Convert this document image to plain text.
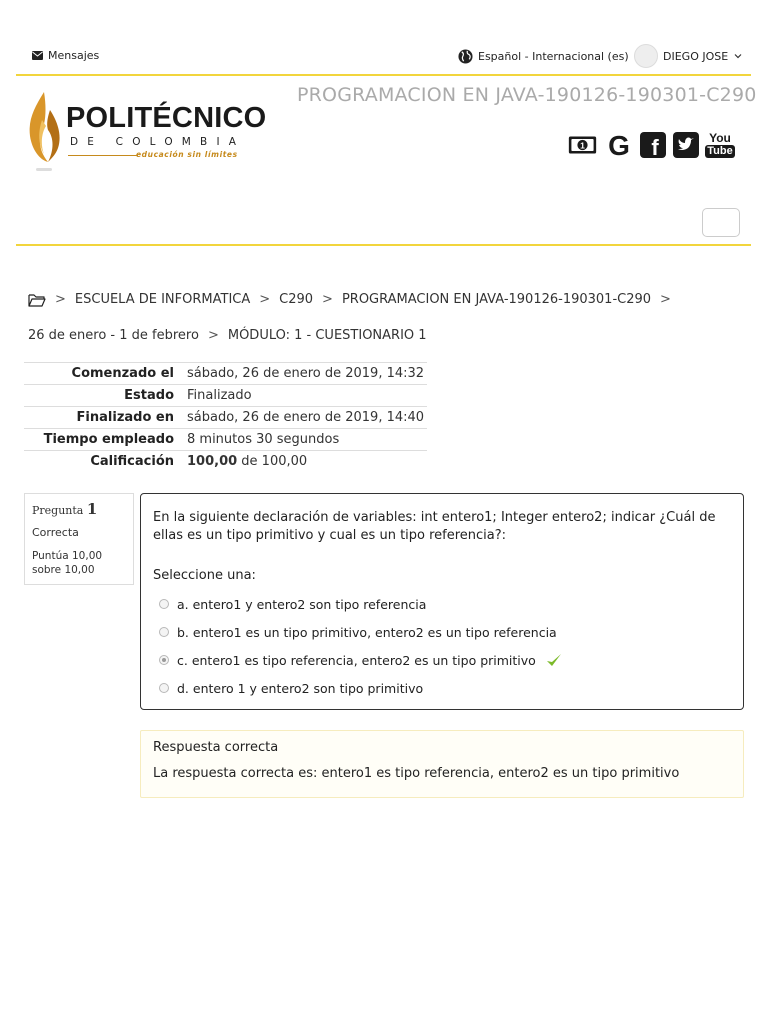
Mensajes	Español - Internacional (es)	DIEGO JOSE
POLITÉCNICO
DE COLOMBIA
educación sin límites
PROGRAMACION EN JAVA-190126-190301-C290
1 G f	You
Tube
> ESCUELA DE INFORMATICA > C290 > PROGRAMACION EN JAVA-190126-190301-C290 >
26 de enero - 1 de febrero > MÓDULO: 1 - CUESTIONARIO 1
Comenzado el	sábado, 26 de enero de 2019, 14:32
Estado	Finalizado
Finalizado en	sábado, 26 de enero de 2019, 14:40
Tiempo empleado	8 minutos 30 segundos
Calificación	100,00 de 100,00
Pregunta 1
Correcta
Puntúa 10,00
sobre 10,00
En la siguiente declaración de variables: int entero1; Integer entero2; indicar ¿Cuál de ellas es un tipo primitivo y cual es un tipo referencia?:
Seleccione una:
a. entero1 y entero2 son tipo referencia
b. entero1 es un tipo primitivo, entero2 es un tipo referencia
c. entero1 es tipo referencia, entero2 es un tipo primitivo
d. entero 1 y entero2 son tipo primitivo
Respuesta correcta
La respuesta correcta es: entero1 es tipo referencia, entero2 es un tipo primitivo
